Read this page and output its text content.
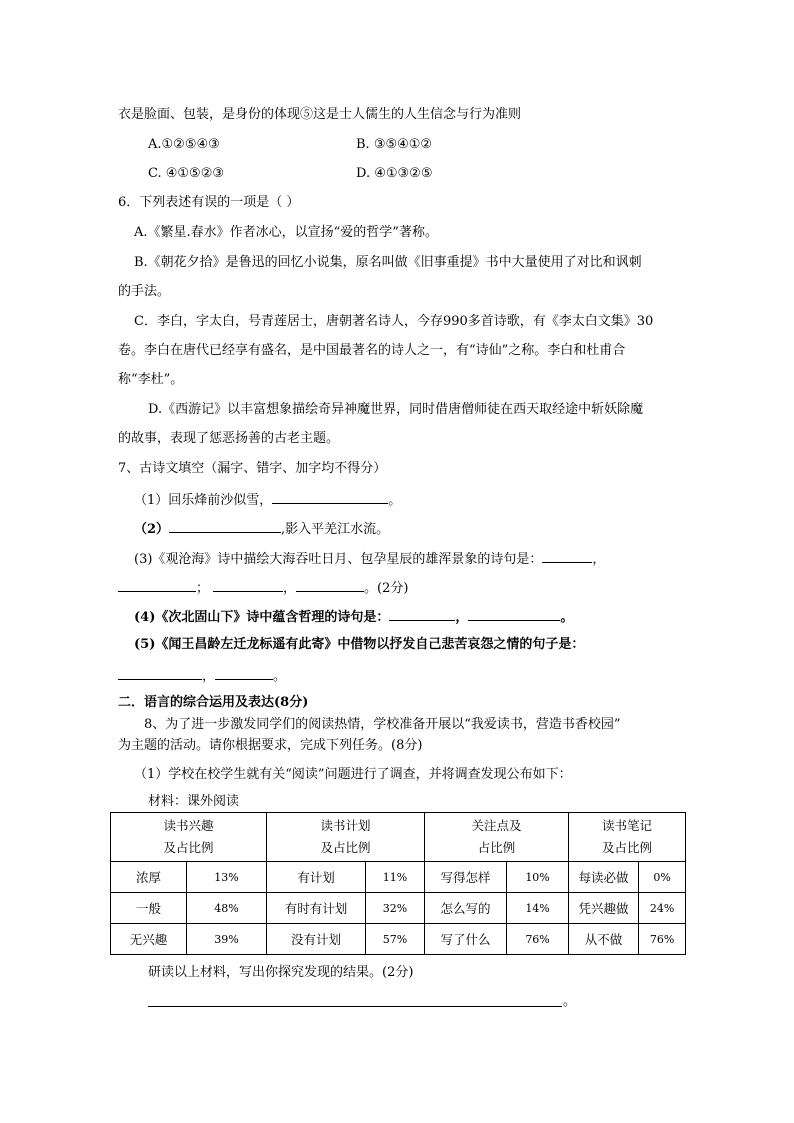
衣是脸面、包装，是身份的体现⑤这是士人儒生的人生信念与行为准则
A.①②⑤④③	B. ③⑤④①②
C. ④①⑤②③	D. ④①③②⑤
6．下列表述有误的一项是（ ）
A.《繁星.春水》作者冰心，以宣扬“爱的哲学”著称。
B.《朝花夕拾》是鲁迅的回忆小说集，原名叫做《旧事重提》书中大量使用了对比和讽刺
的手法。
C．李白，字太白，号青莲居士，唐朝著名诗人，今存990多首诗歌，有《李太白文集》30
卷。李白在唐代已经享有盛名，是中国最著名的诗人之一，有“诗仙”之称。李白和杜甫合
称“李杜”。
D.《西游记》以丰富想象描绘奇异神魔世界，同时借唐僧师徒在西天取经途中斩妖除魔
的故事，表现了惩恶扬善的古老主题。
7、古诗文填空（漏字、错字、加字均不得分）
（1）回乐烽前沙似雪，	。
（2）	,影入平羌江水流。
(3)《观沧海》诗中描绘大海吞吐日月、包孕星辰的雄浑景象的诗句是：	，
；	，	。(2分)
(4)《次北固山下》诗中蕴含哲理的诗句是：	，	。
(5)《闻王昌龄左迁龙标遥有此寄》中借物以抒发自己悲苦哀怨之情的句子是：
，	。
二．语言的综合运用及表达(8分)
8、为了进一步激发同学们的阅读热情，学校准备开展以“我爱读书，营造书香校园”
为主题的活动。请你根据要求，完成下列任务。(8分)
（1）学校在校学生就有关“阅读”问题进行了调查，并将调查发现公布如下：
材料：课外阅读
读书兴趣
及占比例		读书计划
及占比例		关注点及
占比例		读书笔记
及占比例	
浓厚	13%	有计划	11%	写得怎样	10%	每读必做	0%
一般	48%	有时有计划	32%	怎么写的	14%	凭兴趣做	24%
无兴趣	39%	没有计划	57%	写了什么	76%	从不做	76%
研读以上材料，写出你探究发现的结果。(2分)
。
